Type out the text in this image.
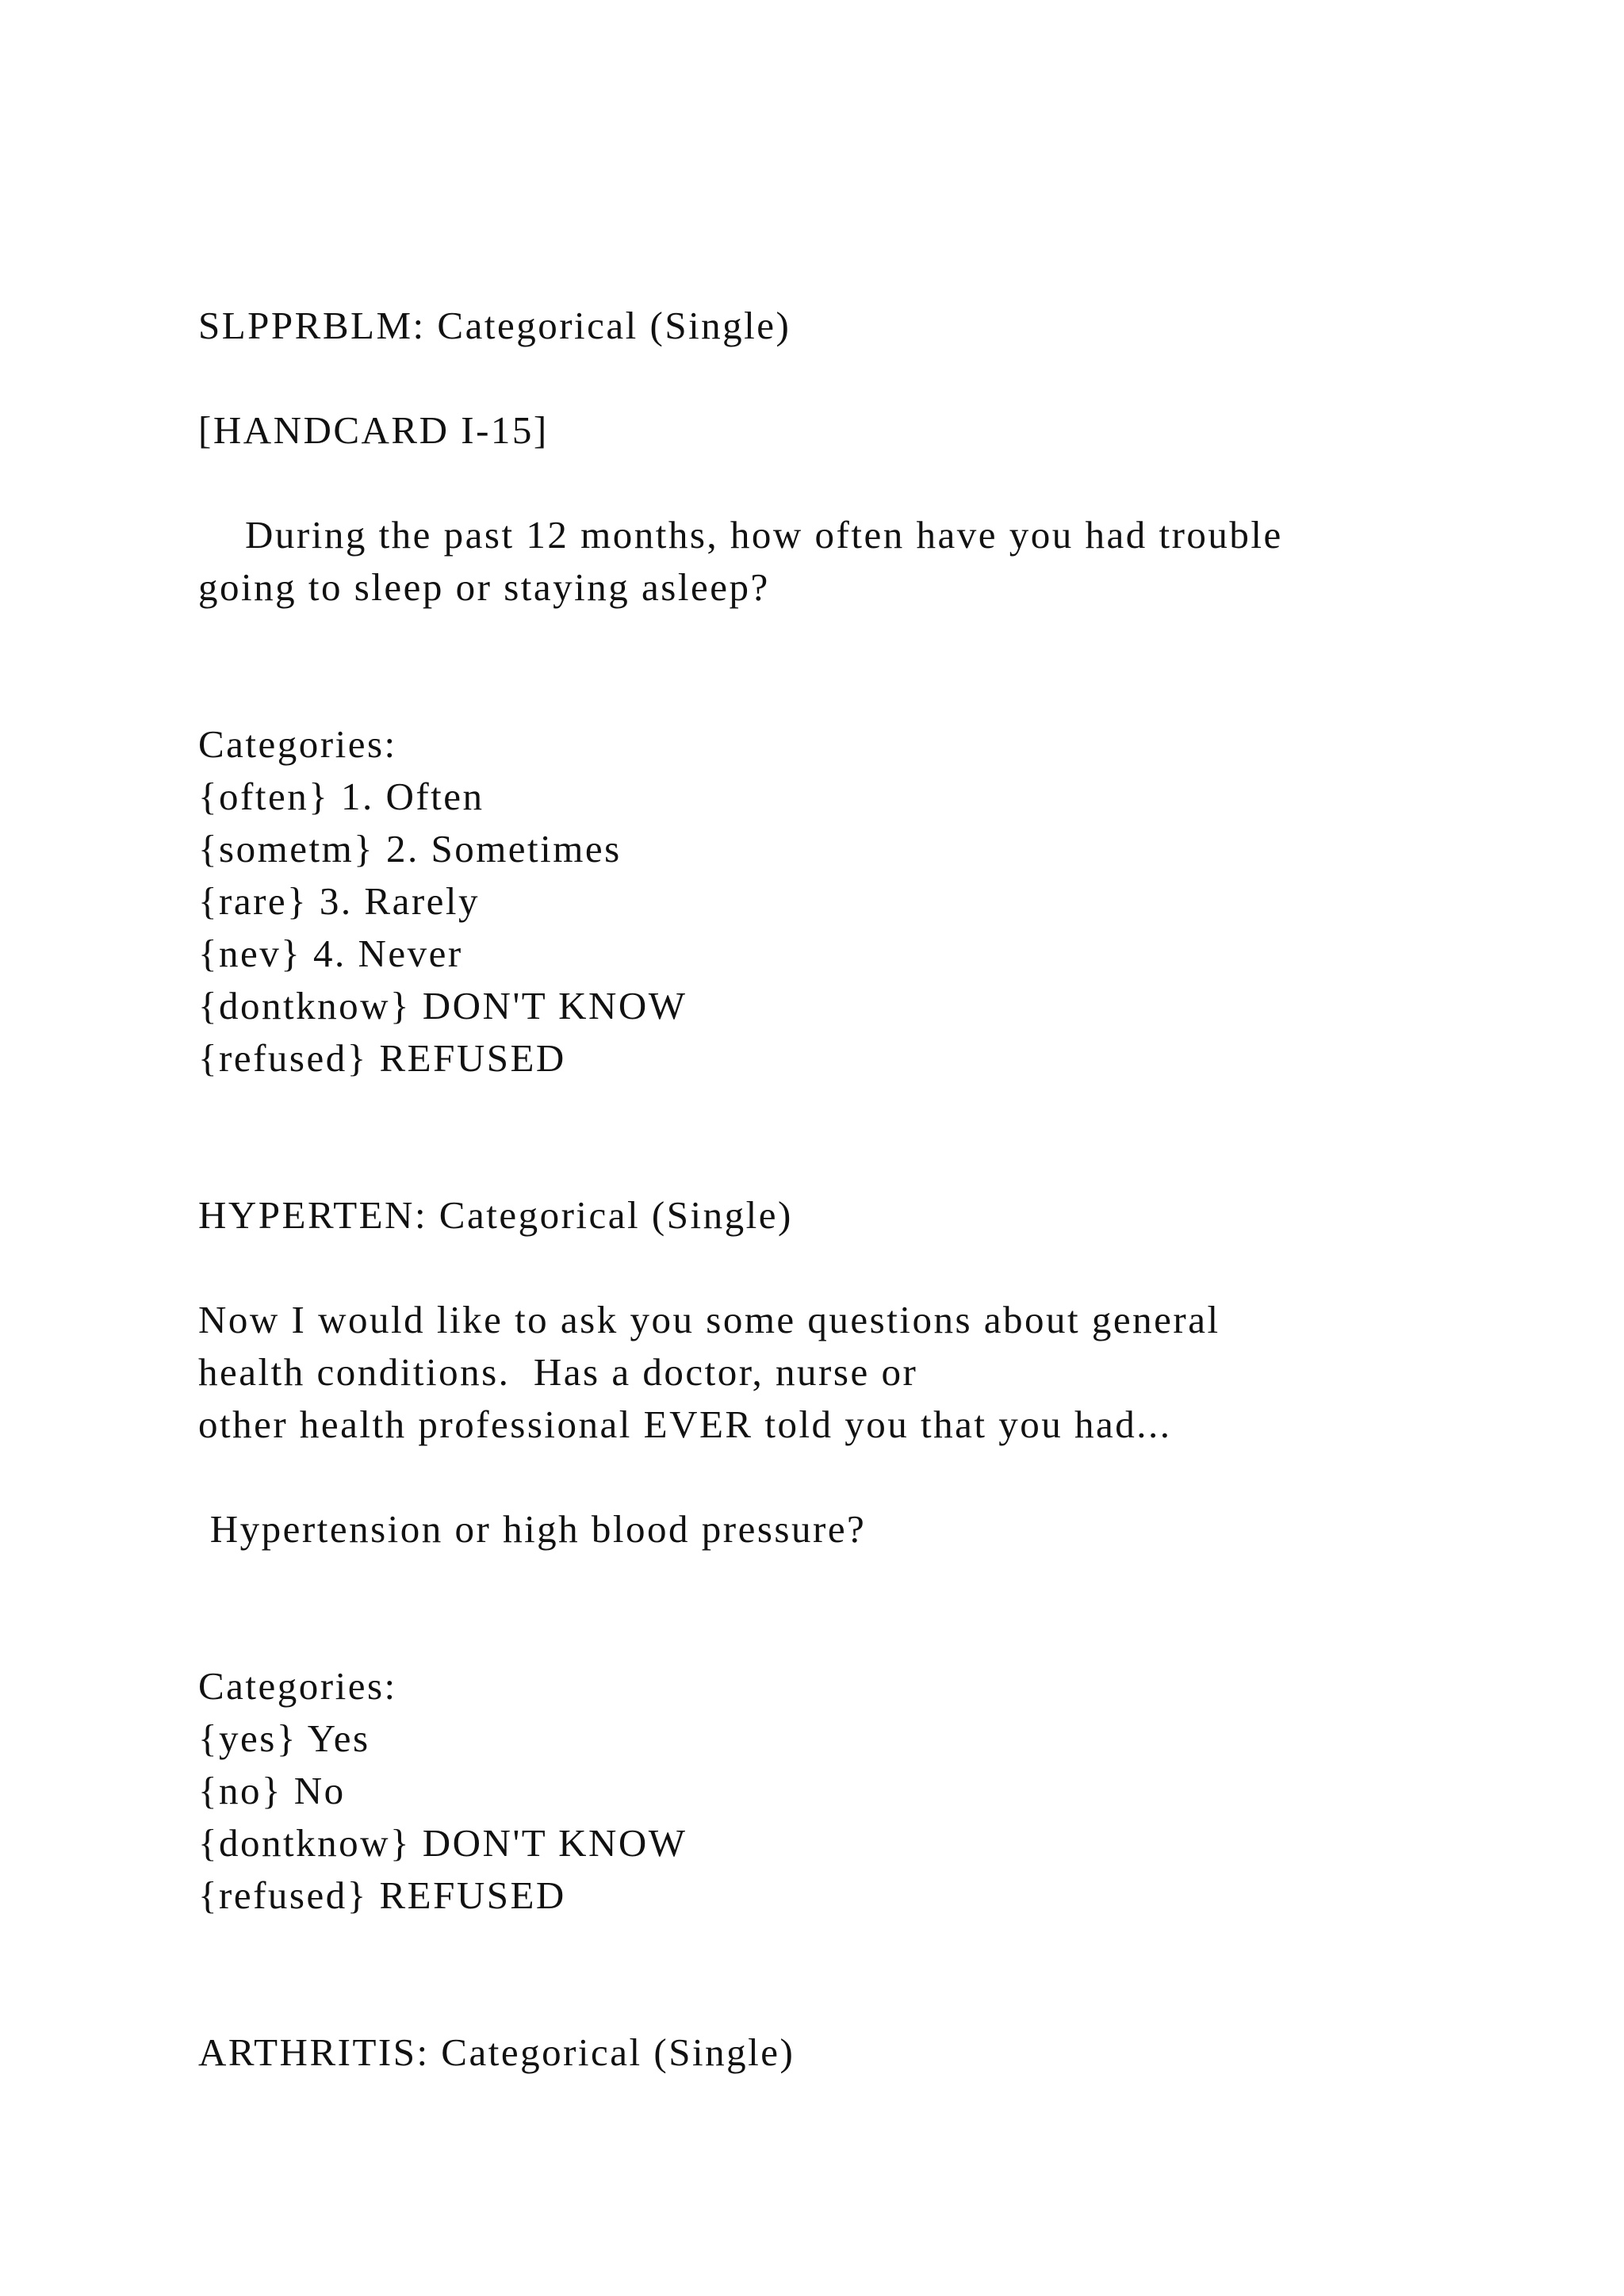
SLPPRBLM: Categorical (Single)
[HANDCARD I-15]
During the past 12 months, how often have you had trouble
going to sleep or staying asleep?
Categories:
{often} 1. Often
{sometm} 2. Sometimes
{rare} 3. Rarely
{nev} 4. Never
{dontknow} DON'T KNOW
{refused} REFUSED
HYPERTEN: Categorical (Single)
Now I would like to ask you some questions about general
health conditions.  Has a doctor, nurse or
other health professional EVER told you that you had...
Hypertension or high blood pressure?
Categories:
{yes} Yes
{no} No
{dontknow} DON'T KNOW
{refused} REFUSED
ARTHRITIS: Categorical (Single)
